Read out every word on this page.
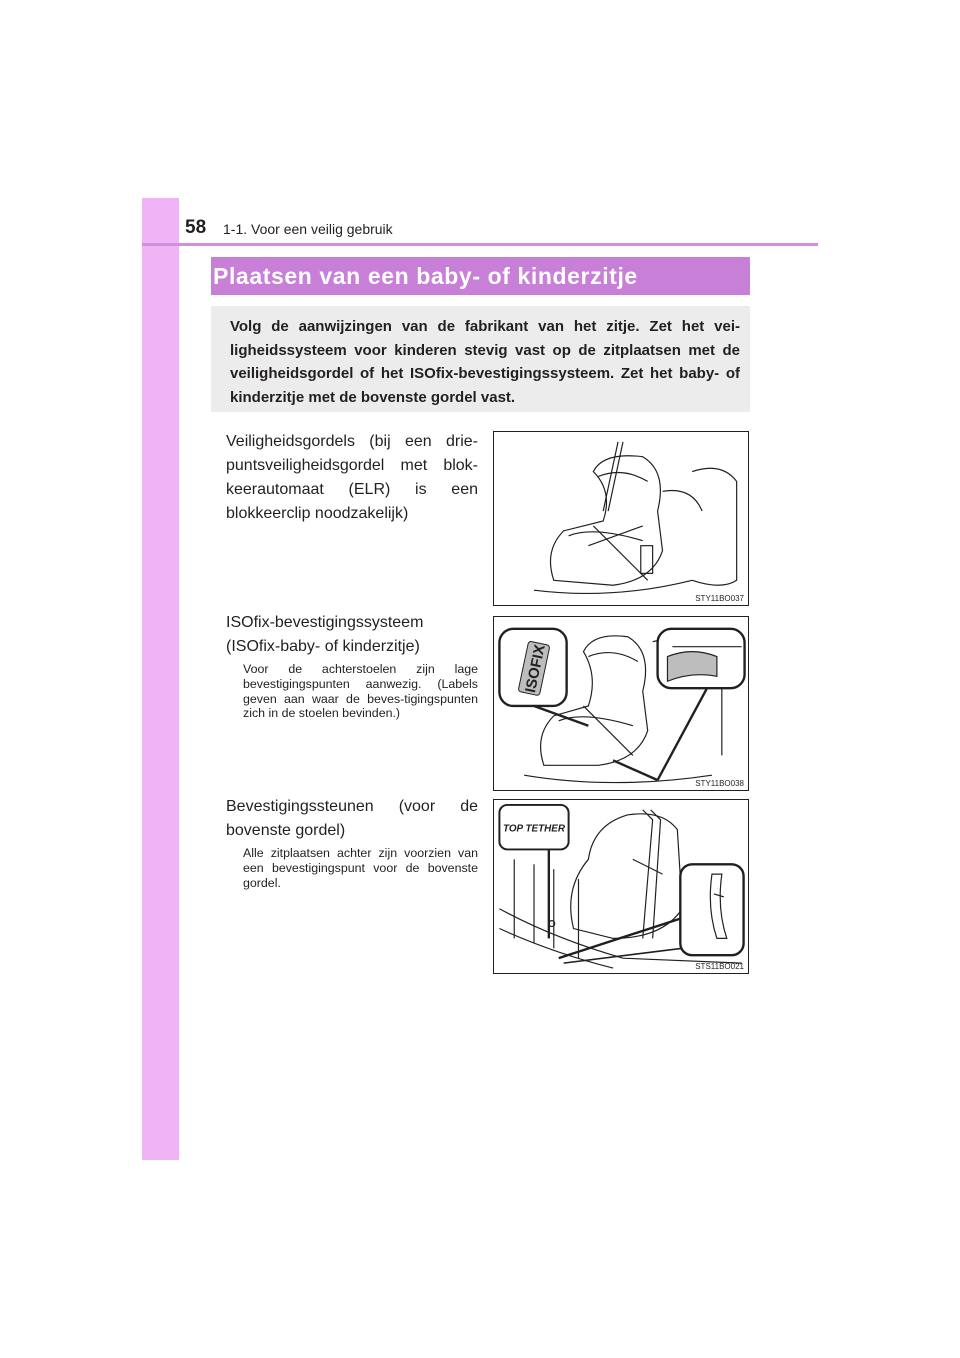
58 1-1. Voor een veilig gebruik
Plaatsen van een baby- of kinderzitje
Volg de aanwijzingen van de fabrikant van het zitje. Zet het vei-ligheidssysteem voor kinderen stevig vast op de zitplaatsen met de veiligheidsgordel of het ISOfix-bevestigingssysteem. Zet het baby- of kinderzitje met de bovenste gordel vast.
Veiligheidsgordels (bij een drie-puntsveiligheidsgordel met blok-keerautomaat (ELR) is een blokkeerclip noodzakelijk)
STY11BO037
ISOfix-bevestigingssysteem (ISOfix-baby- of kinderzitje)
Voor de achterstoelen zijn lage bevestigingspunten aanwezig. (Labels geven aan waar de beves-tigingspunten zich in de stoelen bevinden.)
ISOFIX
STY11BO038
Bevestigingssteunen (voor de bovenste gordel)
Alle zitplaatsen achter zijn voorzien van een bevestigingspunt voor de bovenste gordel.
TOP TETHER
STS11BO021
